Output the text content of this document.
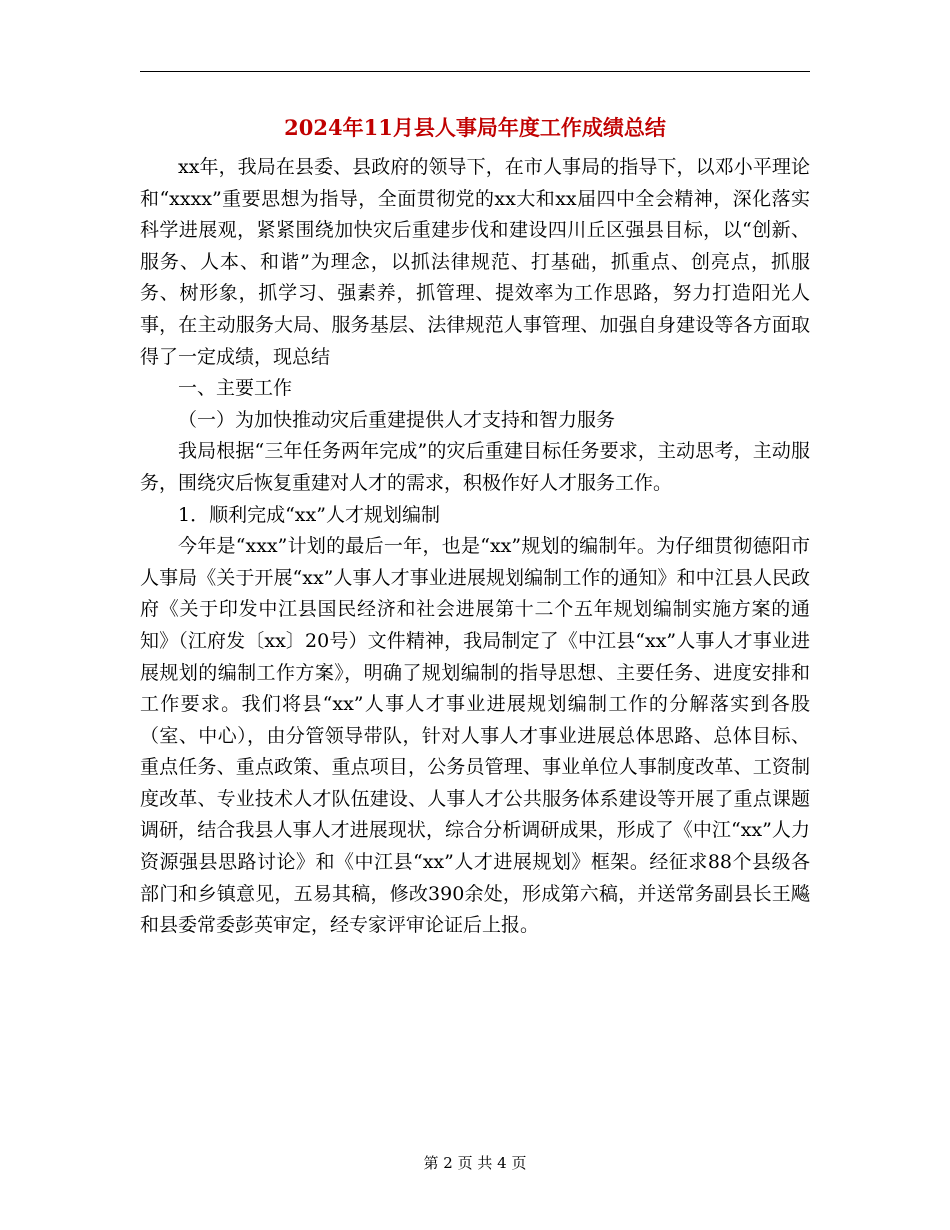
2024年11月县人事局年度工作成绩总结

xx年，我局在县委、县政府的领导下，在市人事局的指导下，以邓小平理论和“xxxx”重要思想为指导，全面贯彻党的xx大和xx届四中全会精神，深化落实科学进展观，紧紧围绕加快灾后重建步伐和建设四川丘区强县目标，以“创新、服务、人本、和谐”为理念，以抓法律规范、打基础，抓重点、创亮点，抓服务、树形象，抓学习、强素养，抓管理、提效率为工作思路，努力打造阳光人事，在主动服务大局、服务基层、法律规范人事管理、加强自身建设等各方面取得了一定成绩，现总结

一、主要工作

（一）为加快推动灾后重建提供人才支持和智力服务

我局根据“三年任务两年完成”的灾后重建目标任务要求，主动思考，主动服务，围绕灾后恢复重建对人才的需求，积极作好人才服务工作。

1．顺利完成“xx”人才规划编制

今年是“xxx”计划的最后一年，也是“xx”规划的编制年。为仔细贯彻德阳市人事局《关于开展“xx”人事人才事业进展规划编制工作的通知》和中江县人民政府《关于印发中江县国民经济和社会进展第十二个五年规划编制实施方案的通知》（江府发〔xx〕20号）文件精神，我局制定了《中江县“xx”人事人才事业进展规划的编制工作方案》，明确了规划编制的指导思想、主要任务、进度安排和工作要求。我们将县“xx”人事人才事业进展规划编制工作的分解落实到各股（室、中心），由分管领导带队，针对人事人才事业进展总体思路、总体目标、重点任务、重点政策、重点项目，公务员管理、事业单位人事制度改革、工资制度改革、专业技术人才队伍建设、人事人才公共服务体系建设等开展了重点课题调研，结合我县人事人才进展现状，综合分析调研成果，形成了《中江“xx”人力资源强县思路讨论》和《中江县“xx”人才进展规划》框架。经征求88个县级各部门和乡镇意见，五易其稿，修改390余处，形成第六稿，并送常务副县长王飚和县委常委彭英审定，经专家评审论证后上报。

第 2 页 共 4 页
